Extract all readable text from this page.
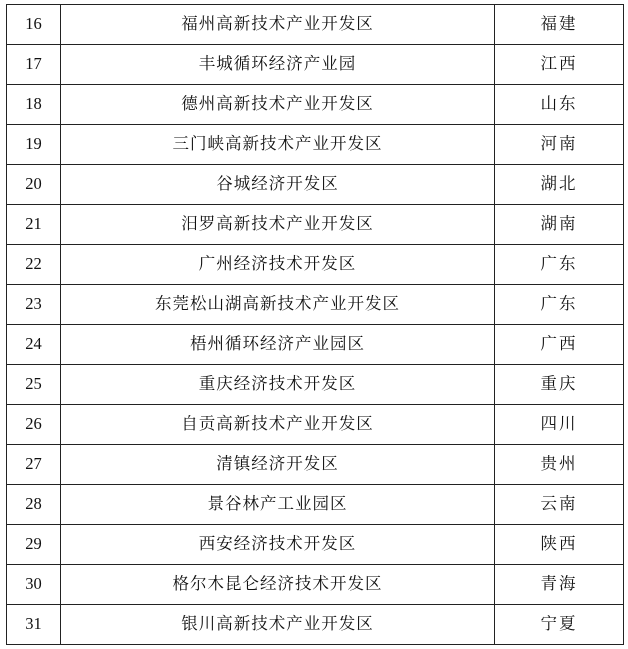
16	福州高新技术产业开发区	福建
17	丰城循环经济产业园	江西
18	德州高新技术产业开发区	山东
19	三门峡高新技术产业开发区	河南
20	谷城经济开发区	湖北
21	汨罗高新技术产业开发区	湖南
22	广州经济技术开发区	广东
23	东莞松山湖高新技术产业开发区	广东
24	梧州循环经济产业园区	广西
25	重庆经济技术开发区	重庆
26	自贡高新技术产业开发区	四川
27	清镇经济开发区	贵州
28	景谷林产工业园区	云南
29	西安经济技术开发区	陕西
30	格尔木昆仑经济技术开发区	青海
31	银川高新技术产业开发区	宁夏
